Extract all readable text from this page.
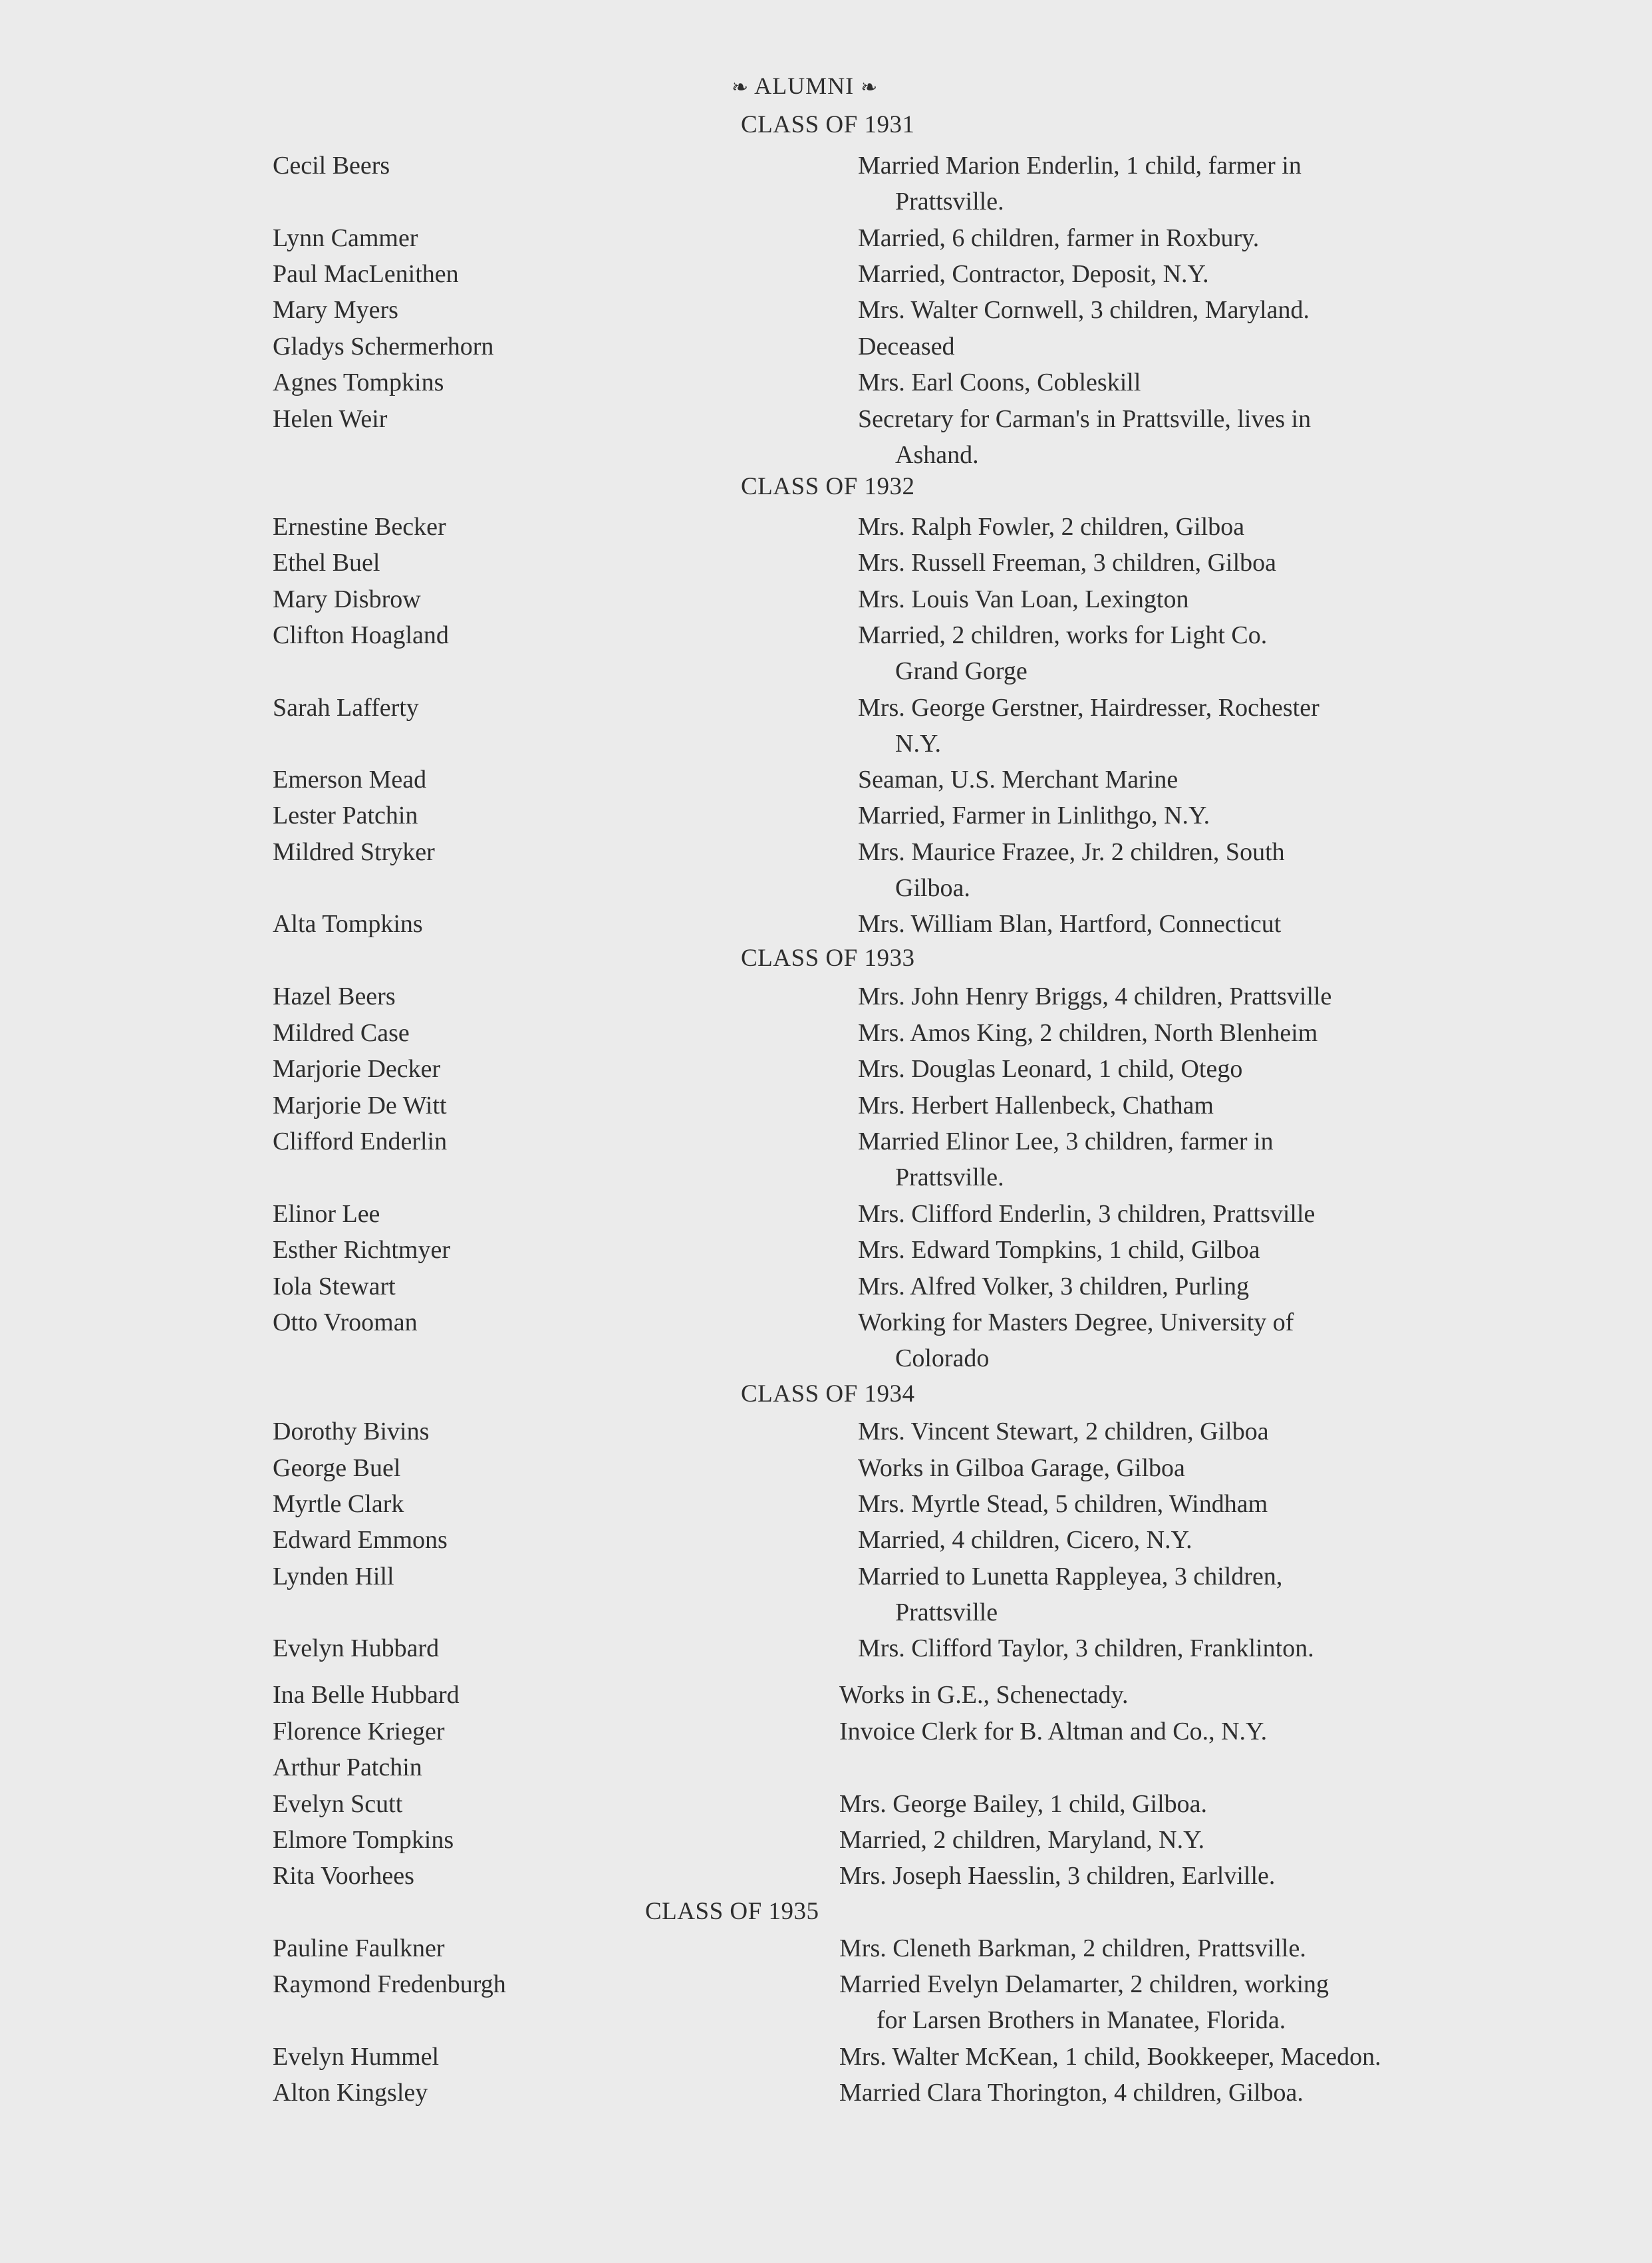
❧ ALUMNI ❧
CLASS OF 1931
Cecil Beers	Married Marion Enderlin, 1 child, farmer in
Prattsville.
Lynn Cammer	Married, 6 children, farmer in Roxbury.
Paul MacLenithen	Married, Contractor, Deposit, N.Y.
Mary Myers	Mrs. Walter Cornwell, 3 children, Maryland.
Gladys Schermerhorn	Deceased
Agnes Tompkins	Mrs. Earl Coons, Cobleskill
Helen Weir	Secretary for Carman's in Prattsville, lives in
Ashand.
CLASS OF 1932
Ernestine Becker	Mrs. Ralph Fowler, 2 children, Gilboa
Ethel Buel	Mrs. Russell Freeman, 3 children, Gilboa
Mary Disbrow	Mrs. Louis Van Loan, Lexington
Clifton Hoagland	Married, 2 children, works for Light Co.
Grand Gorge
Sarah Lafferty	Mrs. George Gerstner, Hairdresser, Rochester
N.Y.
Emerson Mead	Seaman, U.S. Merchant Marine
Lester Patchin	Married, Farmer in Linlithgo, N.Y.
Mildred Stryker	Mrs. Maurice Frazee, Jr. 2 children, South
Gilboa.
Alta Tompkins	Mrs. William Blan, Hartford, Connecticut
CLASS OF 1933
Hazel Beers	Mrs. John Henry Briggs, 4 children, Prattsville
Mildred Case	Mrs. Amos King, 2 children, North Blenheim
Marjorie Decker	Mrs. Douglas Leonard, 1 child, Otego
Marjorie De Witt	Mrs. Herbert Hallenbeck, Chatham
Clifford Enderlin	Married Elinor Lee, 3 children, farmer in
Prattsville.
Elinor Lee	Mrs. Clifford Enderlin, 3 children, Prattsville
Esther Richtmyer	Mrs. Edward Tompkins, 1 child, Gilboa
Iola Stewart	Mrs. Alfred Volker, 3 children, Purling
Otto Vrooman	Working for Masters Degree, University of
Colorado
CLASS OF 1934
Dorothy Bivins	Mrs. Vincent Stewart, 2 children, Gilboa
George Buel	Works in Gilboa Garage, Gilboa
Myrtle Clark	Mrs. Myrtle Stead, 5 children, Windham
Edward Emmons	Married, 4 children, Cicero, N.Y.
Lynden Hill	Married to Lunetta Rappleyea, 3 children,
Prattsville
Evelyn Hubbard	Mrs. Clifford Taylor, 3 children, Franklinton.
Ina Belle Hubbard	Works in G.E., Schenectady.
Florence Krieger	Invoice Clerk for B. Altman and Co., N.Y.
Arthur Patchin
Evelyn Scutt	Mrs. George Bailey, 1 child, Gilboa.
Elmore Tompkins	Married, 2 children, Maryland, N.Y.
Rita Voorhees	Mrs. Joseph Haesslin, 3 children, Earlville.
CLASS OF 1935
Pauline Faulkner	Mrs. Cleneth Barkman, 2 children, Prattsville.
Raymond Fredenburgh	Married Evelyn Delamarter, 2 children, working
for Larsen Brothers in Manatee, Florida.
Evelyn Hummel	Mrs. Walter McKean, 1 child, Bookkeeper, Macedon.
Alton Kingsley	Married Clara Thorington, 4 children, Gilboa.
